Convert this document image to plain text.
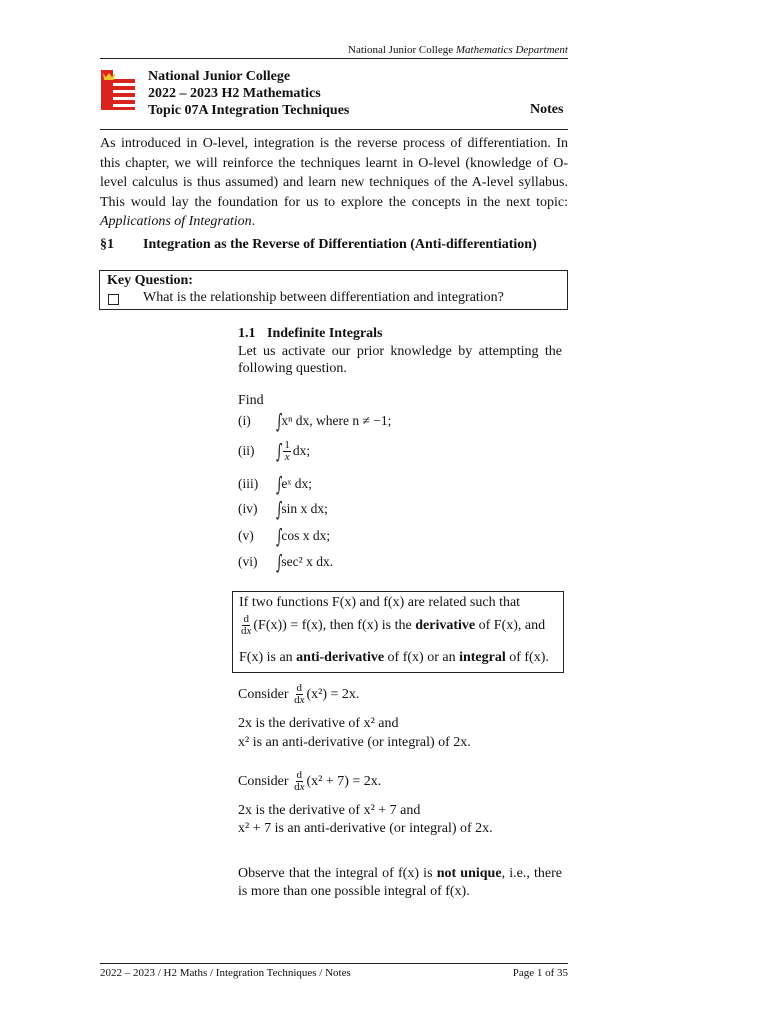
National Junior College Mathematics Department
National Junior College
2022 – 2023 H2 Mathematics
Topic 07A Integration Techniques	Notes
As introduced in O-level, integration is the reverse process of differentiation. In this chapter, we will reinforce the techniques learnt in O-level (knowledge of O-level calculus is thus assumed) and learn new techniques of the A-level syllabus. This would lay the foundation for us to explore the concepts in the next topic: Applications of Integration.
§1 Integration as the Reverse of Differentiation (Anti-differentiation)
Key Question:
What is the relationship between differentiation and integration?
1.1 Indefinite Integrals
Let us activate our prior knowledge by attempting the following question.
Find
(i)	∫ xⁿ dx, where n ≠ −1;
(ii)	∫ $\frac{1}{x}$ dx;
(iii) ∫ eˣ dx;
(iv) ∫ sin x dx;
(v)	∫ cos x dx;
(vi) ∫ sec² x dx.
If two functions F(x) and f(x) are related such that
$\frac{d}{dx} (F(x)) = f(x)$, then f(x) is the
derivative
of F(x), and
F(x) is an anti-derivative of f(x) or an integral of f(x).
Consider
$\frac{d}{dx} (x^2) = 2x$.
2x is the derivative of x² and
x² is an anti-derivative (or integral) of 2x.
Consider
$\frac{d}{dx} (x^2 + 7) = 2x$.
2x is the derivative of x² + 7 and
x² + 7 is an anti-derivative (or integral) of 2x.
Observe that the integral of f(x) is not unique, i.e., there is more than one possible integral of f(x).
2022 – 2023 / H2 Maths / Integration Techniques / Notes	Page 1 of 35
